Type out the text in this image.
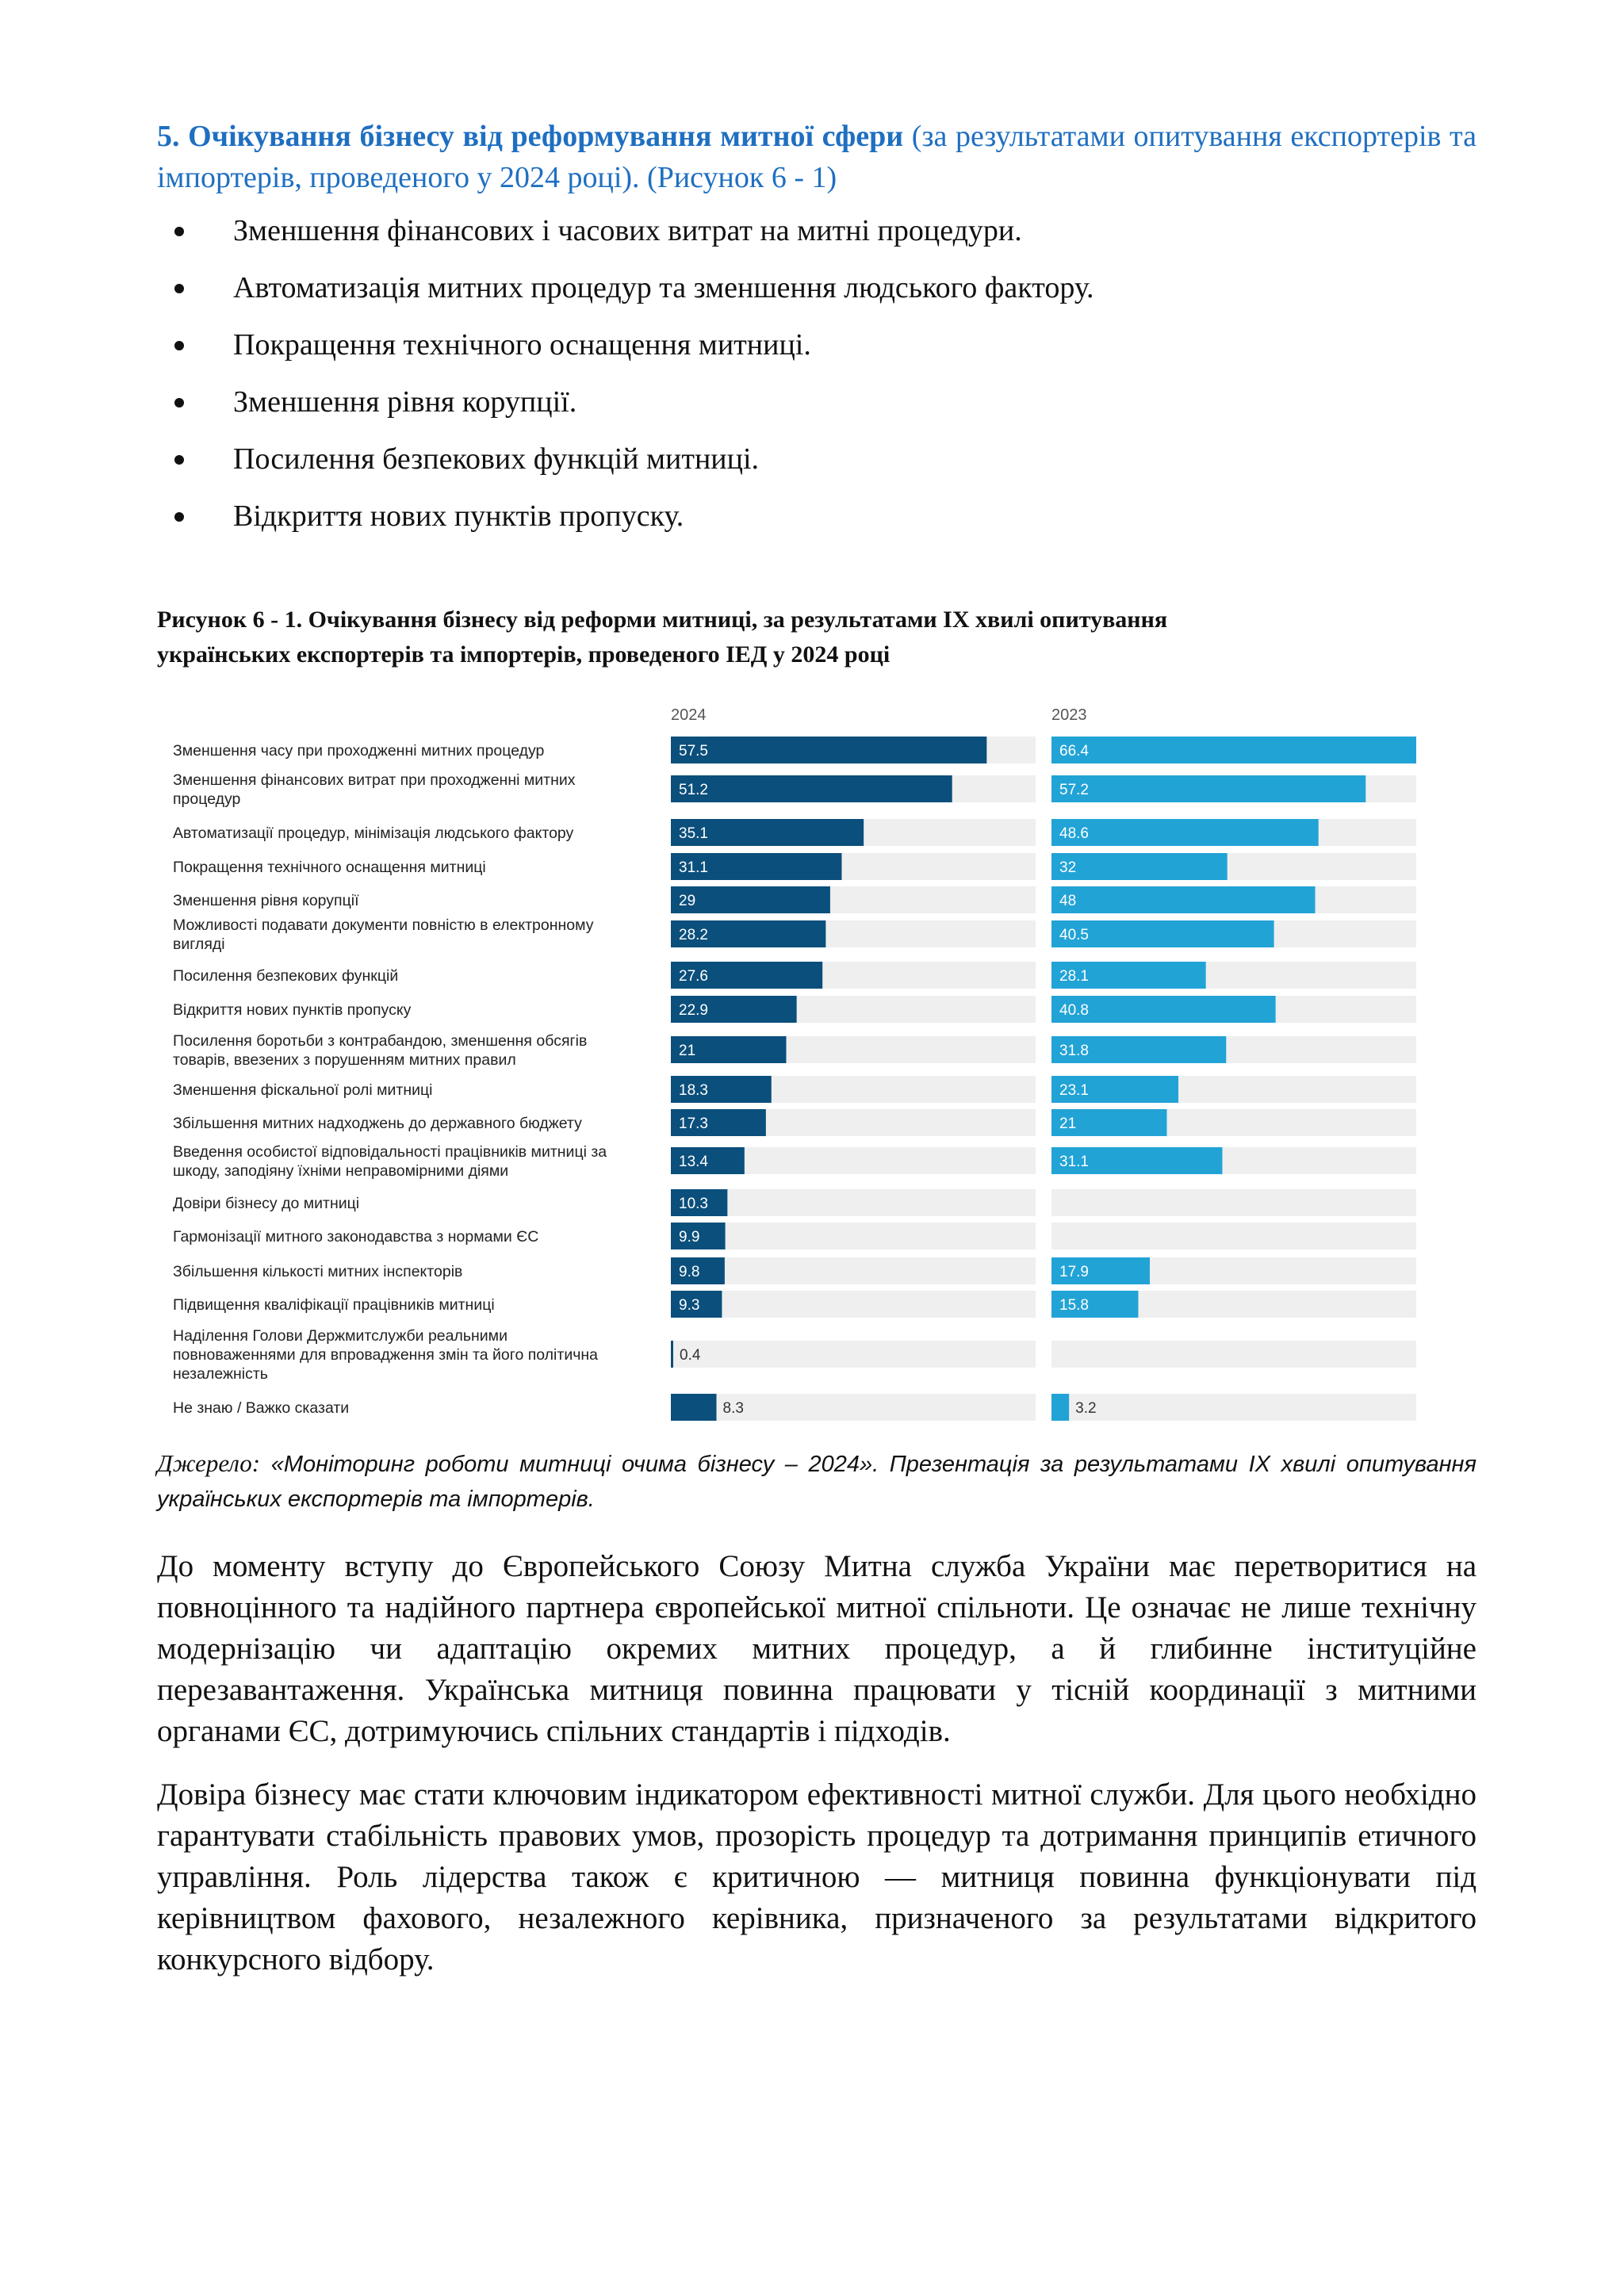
5. Очікування бізнесу від реформування митної сфери (за результатами опитування експортерів та імпортерів, проведеного у 2024 році). (Рисунок 6 - 1)
Зменшення фінансових і часових витрат на митні процедури.
Автоматизація митних процедур та зменшення людського фактору.
Покращення технічного оснащення митниці.
Зменшення рівня корупції.
Посилення безпекових функцій митниці.
Відкриття нових пунктів пропуску.
Рисунок 6 - 1. Очікування бізнесу від реформи митниці, за результатами IX хвилі опитування
українських експортерів та імпортерів, проведеного ІЕД у 2024 році
2024	2023
Зменшення часу при проходженні митних процедур
Зменшення фінансових витрат при проходженні митних
процедур
Автоматизації процедур, мінімізація людського фактору
Покращення технічного оснащення митниці
Зменшення рівня корупції
Можливості подавати документи повністю в електронному
вигляді
Посилення безпекових функцій
Відкриття нових пунктів пропуску
Посилення боротьби з контрабандою, зменшення обсягів
товарів, ввезених з порушенням митних правил
Зменшення фіскальної ролі митниці
Збільшення митних надходжень до державного бюджету
Введення особистої відповідальності працівників митниці за
шкоду, заподіяну їхніми неправомірними діями
Довіри бізнесу до митниці
Гармонізації митного законодавства з нормами ЄС
Збільшення кількості митних інспекторів
Підвищення кваліфікації працівників митниці
Наділення Голови Держмитслужби реальними
повноваженнями для впровадження змін та його політична
незалежність
Не знаю / Важко сказати
57.5
51.2
35.1
31.1
29
28.2
27.6
22.9
21
18.3
17.3
13.4
10.3
9.9
9.8
9.3
0.4
8.3
66.4
57.2
48.6
32
48
40.5
28.1
40.8
31.8
23.1
21
31.1
17.9
15.8
3.2
Джерело: «Моніторинг роботи митниці очима бізнесу – 2024». Презентація за результатами IX хвилі опитування українських експортерів та імпортерів.

До моменту вступу до Європейського Союзу Митна служба України має перетворитися на повноцінного та надійного партнера європейської митної спільноти. Це означає не лише технічну модернізацію чи адаптацію окремих митних процедур, а й глибинне інституційне перезавантаження. Українська митниця повинна працювати у тісній координації з митними органами ЄС, дотримуючись спільних стандартів і підходів.

Довіра бізнесу має стати ключовим індикатором ефективності митної служби. Для цього необхідно гарантувати стабільність правових умов, прозорість процедур та дотримання принципів етичного управління. Роль лідерства також є критичною — митниця повинна функціонувати під керівництвом фахового, незалежного керівника, призначеного за результатами відкритого конкурсного відбору.
